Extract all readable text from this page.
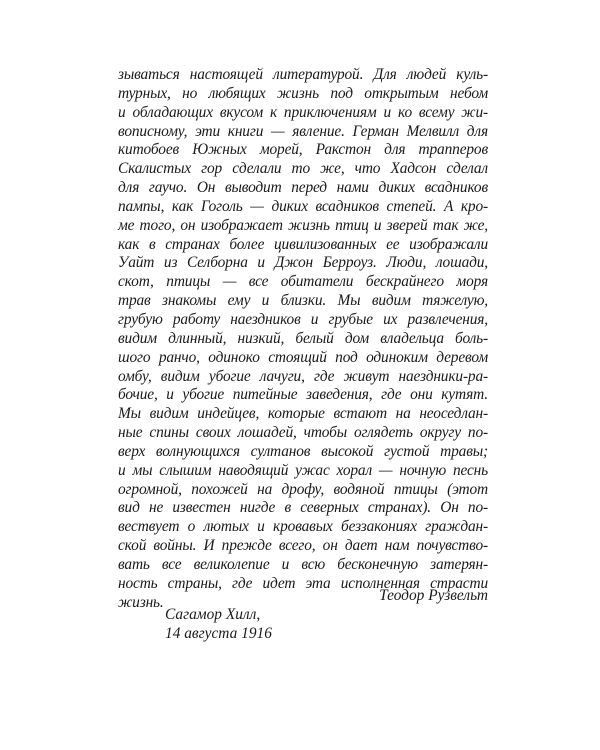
зываться настоящей литературой. Для людей куль-
турных, но любящих жизнь под открытым небом
и обладающих вкусом к приключениям и ко всему жи-
вописному, эти книги — явление. Герман Мелвилл для
китобоев Южных морей, Ракстон для трапперов
Скалистых гор сделали то же, что Хадсон сделал
для гаучо. Он выводит перед нами диких всадников
пампы, как Гоголь — диких всадников степей. А кро-
ме того, он изображает жизнь птиц и зверей так же,
как в странах более цивилизованных ее изображали
Уайт из Селборна и Джон Берроуз. Люди, лошади,
скот, птицы — все обитатели бескрайнего моря
трав знакомы ему и близки. Мы видим тяжелую,
грубую работу наездников и грубые их развлечения,
видим длинный, низкий, белый дом владельца боль-
шого ранчо, одиноко стоящий под одиноким деревом
омбу, видим убогие лачуги, где живут наездники-ра-
бочие, и убогие питейные заведения, где они кутят.
Мы видим индейцев, которые встают на неоседлан-
ные спины своих лошадей, чтобы оглядеть округу по-
верх волнующихся султанов высокой густой травы;
и мы слышим наводящий ужас хорал — ночную песнь
огромной, похожей на дрофу, водяной птицы (этот
вид не известен нигде в северных странах). Он по-
вествует о лютых и кровавых беззакониях граждан-
ской войны. И прежде всего, он дает нам почувство-
вать все великолепие и всю бесконечную затерян-
ность страны, где идет эта исполненная страсти
жизнь.	Теодор Рузвельт
Сагамор Хилл,
14 августа 1916
